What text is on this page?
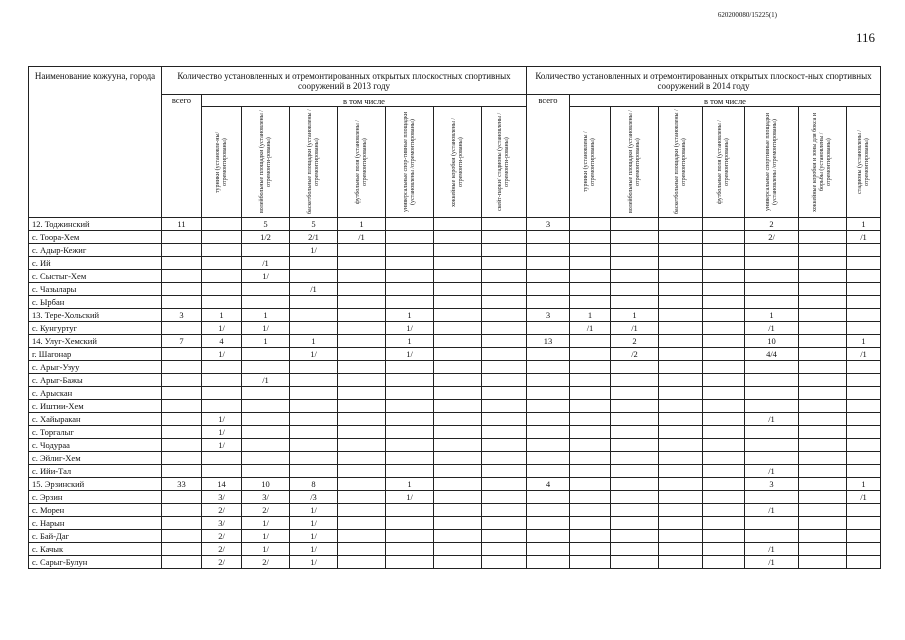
620200080/15225(1)
116
Наименование кожууна, города	Количество установленных и отремонтированных открытых плоскостных спортивных сооружений в 2013 году								Количество установленных и отремонтированных открытых плоскост-ных спортивных сооружений в 2014 году							
	всего	в том числе							всего	в том числе						

		турники (установле-ны/отремонтированы)	волейбольные площадки (установлены /отремонти-рованы)	баскетбольные площадки (установлены /отремонтированы)	футбольные поля (установлены /отремонтированы)	универсальные спор-тивные площадки (установлены /отремонтированы)	хоккейные коробки (установлены /отремонти-рованы)	скейт-парки/ стадионы (установлены /отремонти-рованы)		турники (установлены /отремонтированы)	волейбольные площадки (установлены /отремонтированы)	баскетбольные площадки (установлены /отремонтированы)	футбольные поля (установлены /отремонтированы)	универсальные спортивные площадки (установлены /отремонтированы)	хоккейные коробки и зоны для бокса и борьбы (установлены /отремонтированы)	стадионы (установлены /отремонтированы)

12. Тоджинский	11		5	5	1				3					2		1
с. Тоора-Хем			1/2	2/1	/1									2/		/1
с. Адыр-Кежиг				1/												
с. Ий			/1													
с. Сыстыг-Хем			1/													
с. Чазылары				/1												
с. Ырбан																
13. Тере-Хольский	3	1	1			1			3	1	1			1		
с. Кунгуртуг		1/	1/			1/				/1	/1			/1		
14. Улуг-Хемский	7	4	1	1		1			13		2			10		1
г. Шагонар		1/		1/		1/					/2			4/4		/1
с. Арыг-Узуу																
с. Арыг-Бажы			/1													
с. Арыскан																
с. Иштии-Хем																
с. Хайыракан		1/												/1		
с. Торгалыг		1/														
с. Чодураа		1/														
с. Эйлиг-Хем																
с. Ийи-Тал														/1		
15. Эрзинский	33	14	10	8		1			4					3		1
с. Эрзин		3/	3/	/3		1/										/1
с. Морен		2/	2/	1/										/1		
с. Нарын		3/	1/	1/												
с. Бай-Даг		2/	1/	1/												
с. Качык		2/	1/	1/										/1		
с. Сарыг-Булун		2/	2/	1/										/1		
